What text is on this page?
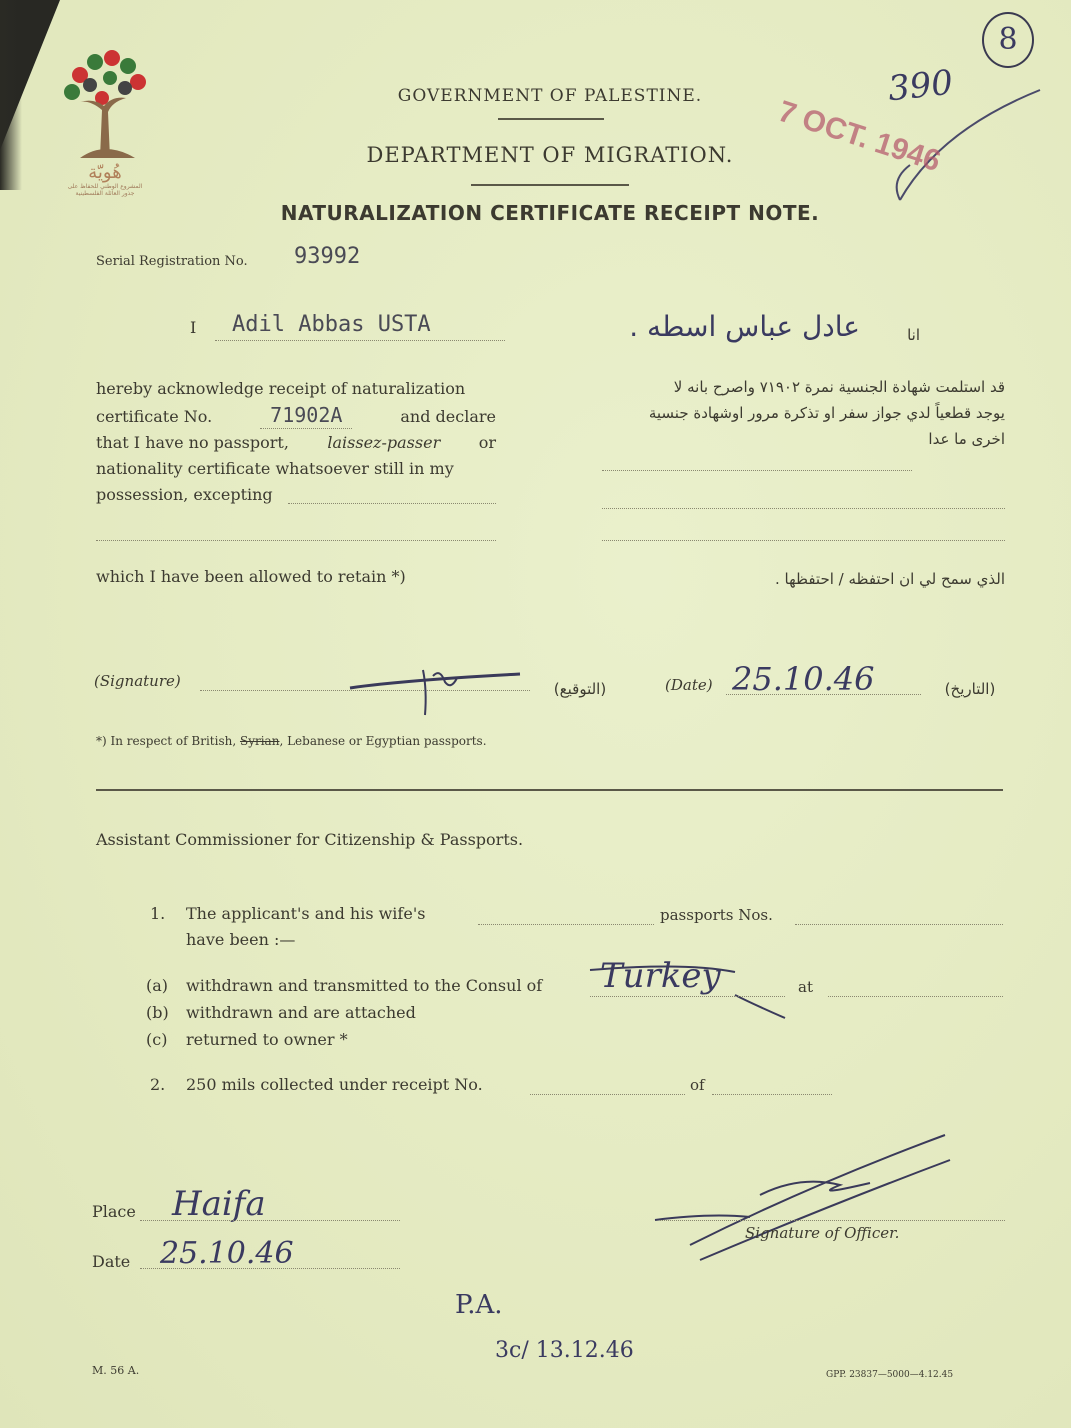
هُويّة
المشروع الوطني للحفاظ على
جذور العائلة الفلسطينية
8
390
7 OCT. 1946
GOVERNMENT OF PALESTINE.
DEPARTMENT OF MIGRATION.
NATURALIZATION CERTIFICATE RECEIPT NOTE.
Serial Registration No. 93992
I Adil Abbas USTA	عادل عباس اسطه .	انا
hereby acknowledge receipt of naturalization
certificate No.	71902A	and declare
that I have no passport, laissez-passer or
nationality certificate whatsoever still in my
possession, excepting
قد استلمت شهادة الجنسية نمرة ٧١٩٠٢ واصرح بانه لا
يوجد قطعياً لدي جواز سفر او تذكرة مرور اوشهادة جنسية
اخرى ما عدا
which I have been allowed to retain *)	الذي سمح لي ان احتفظه / احتفظها .
(Signature)	(التوقيع)	(Date) 25.10.46	(التاريخ)
*) In respect of British, Syrian, Lebanese or Egyptian passports.
Assistant Commissioner for Citizenship & Passports.
1. The applicant's and his wife's	passports Nos.
have been :—
(a) withdrawn and transmitted to the Consul of Turkey	at
(b) withdrawn and are attached
(c) returned to owner *
2. 250 mils collected under receipt No.	of
Place Haifa
Date 25.10.46
Signature of Officer.
P.A.
3c/ 13.12.46
M. 56 A.	GPP. 23837—5000—4.12.45
